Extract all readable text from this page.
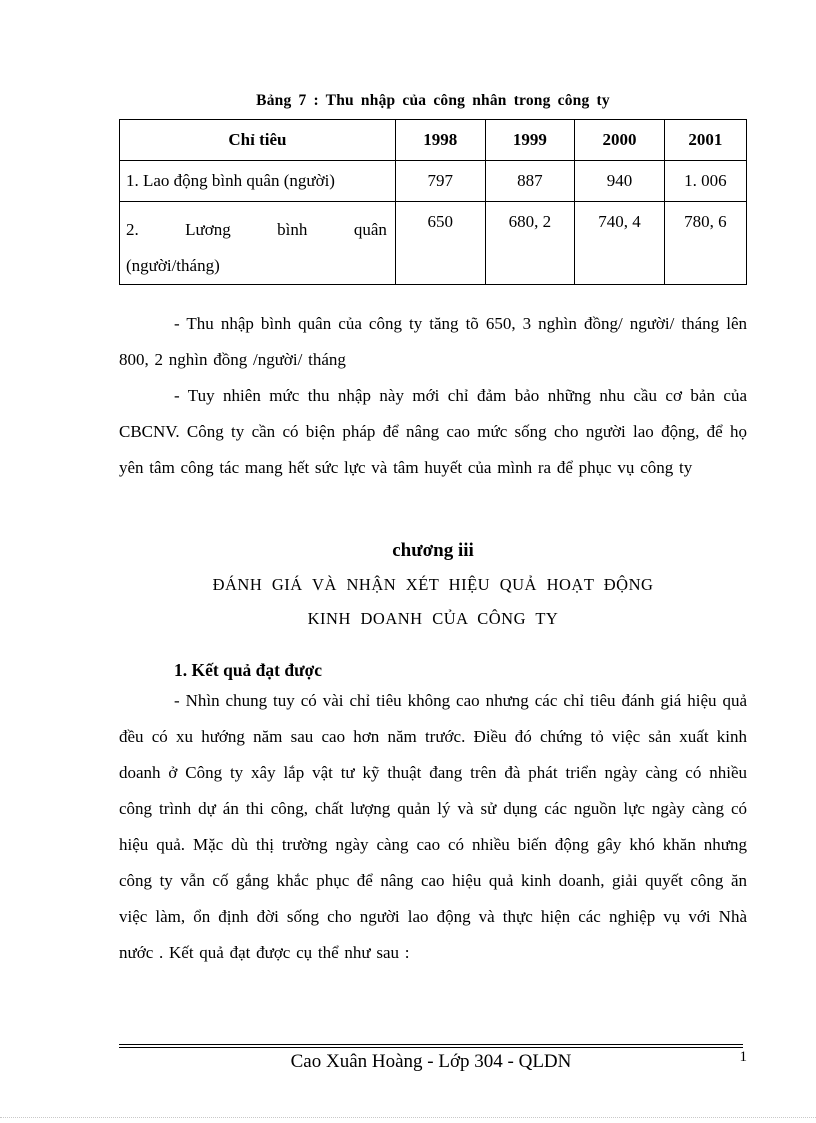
Bảng 7 : Thu nhập của công nhân trong công ty
Chỉ tiêu	1998	1999	2000	2001
1. Lao động bình quân (người)	797	887	940	1. 006

2. Lương bình quân
(người/tháng)	650	680, 2	740, 4	780, 6

- Thu nhập bình quân của công ty tăng tõ 650, 3 nghìn đồng/ người/ tháng lên 800, 2 nghìn đồng /người/ tháng

- Tuy nhiên mức thu nhập này mới chỉ đảm bảo những nhu cầu cơ bản của CBCNV. Công ty cần có biện pháp để nâng cao mức sống cho người lao động, để họ yên tâm công tác mang hết sức lực và tâm huyết của mình ra để phục vụ công ty

chương iii

ĐÁNH GIÁ VÀ NHẬN XÉT HIỆU QUẢ HOẠT ĐỘNG

KINH DOANH CỦA CÔNG TY

1. Kết quả đạt được

- Nhìn chung tuy có vài chỉ tiêu không cao nhưng các chỉ tiêu đánh giá hiệu quả đều có xu hướng năm sau cao hơn năm trước. Điều đó chứng tỏ việc sản xuất kinh doanh ở Công ty xây lắp vật tư kỹ thuật đang trên đà phát triển ngày càng có nhiều công trình dự án thi công, chất lượng quản lý và sử dụng các nguồn lực ngày càng có hiệu quả. Mặc dù thị trường ngày càng cao có nhiều biến động gây khó khăn nhưng công ty vẫn cố gắng khắc phục để nâng cao hiệu quả kinh doanh, giải quyết công ăn việc làm, ổn định đời sống cho người lao động và thực hiện các nghiệp vụ với Nhà nước . Kết quả đạt được cụ thể như sau :

Cao Xuân Hoàng - Lớp 304 - QLDN	1
